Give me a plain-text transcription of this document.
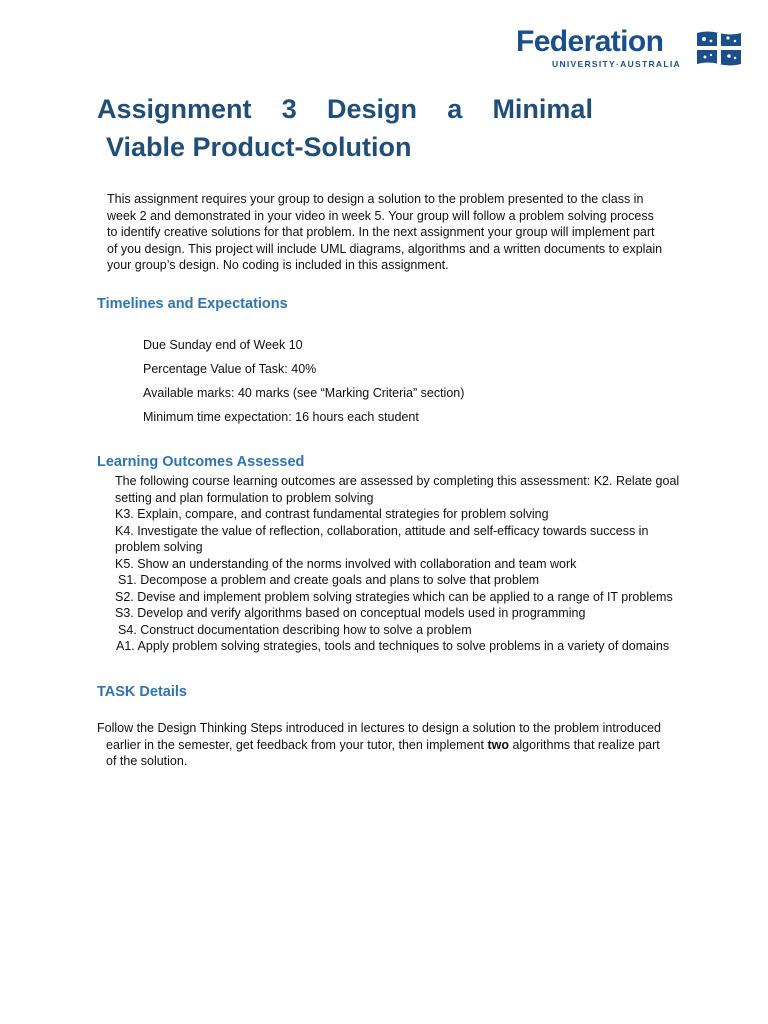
Federation
UNIVERSITY·AUSTRALIA
Assignment 3 Design a Minimal
Viable Product-Solution

This assignment requires your group to design a solution to the problem presented to the class in
week 2 and demonstrated in your video in week 5. Your group will follow a problem solving process
to identify creative solutions for that problem. In the next assignment your group will implement part
of you design. This project will include UML diagrams, algorithms and a written documents to explain
your group’s design. No coding is included in this assignment.

Timelines and Expectations
Due Sunday end of Week 10
Percentage Value of Task: 40%
Available marks: 40 marks (see “Marking Criteria” section)
Minimum time expectation: 16 hours each student
Learning Outcomes Assessed
The following course learning outcomes are assessed by completing this assessment: K2. Relate goal
setting and plan formulation to problem solving
K3. Explain, compare, and contrast fundamental strategies for problem solving
K4. Investigate the value of reflection, collaboration, attitude and self-efficacy towards success in
problem solving
K5. Show an understanding of the norms involved with collaboration and team work
S1. Decompose a problem and create goals and plans to solve that problem
S2. Devise and implement problem solving strategies which can be applied to a range of IT problems
S3. Develop and verify algorithms based on conceptual models used in programming
S4. Construct documentation describing how to solve a problem
A1. Apply problem solving strategies, tools and techniques to solve problems in a variety of domains
TASK Details

Follow the Design Thinking Steps introduced in lectures to design a solution to the problem introduced
earlier in the semester, get feedback from your tutor, then implement two algorithms that realize part
of the solution.
